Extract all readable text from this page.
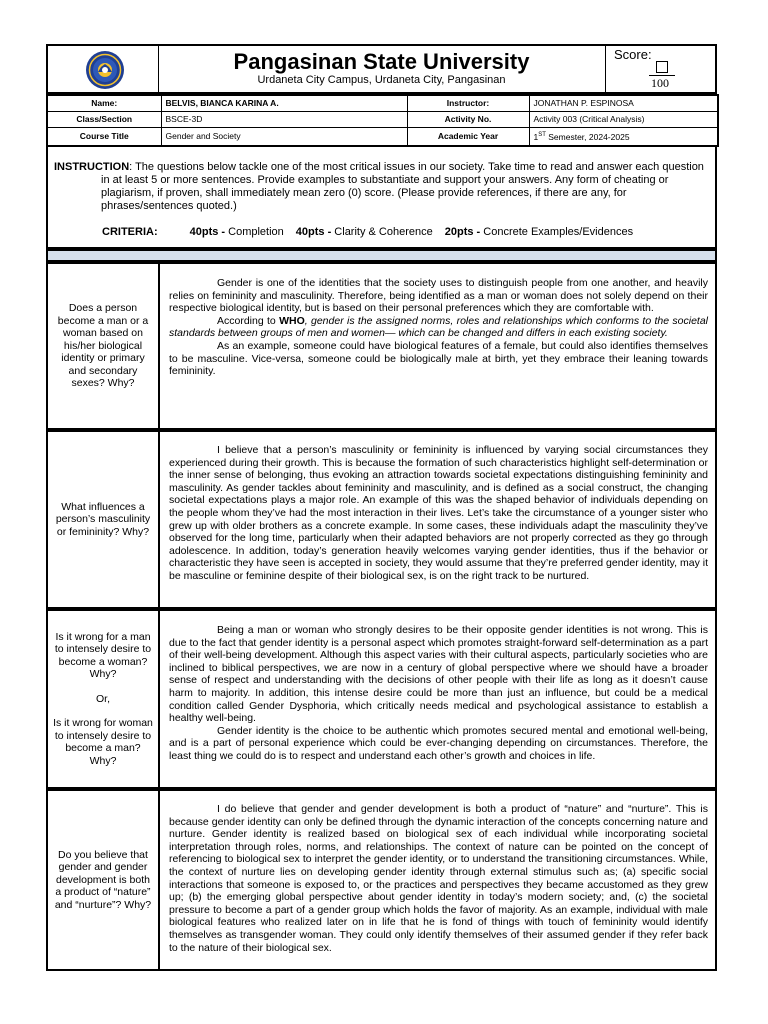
Pangasinan State University
Urdaneta City Campus, Urdaneta City, Pangasinan
Score:
100
Name:	BELVIS, BIANCA KARINA A.	Instructor:	JONATHAN P. ESPINOSA
Class/Section	BSCE-3D	Activity No.	Activity 003 (Critical Analysis)
Course Title	Gender and Society	Academic Year	1ST Semester, 2024-2025
INSTRUCTION: The questions below tackle one of the most critical issues in our society. Take time to read and answer each question in at least 5 or more sentences. Provide examples to substantiate and support your answers. Any form of cheating or plagiarism, if proven, shall immediately mean zero (0) score. (Please provide references, if there are any, for phrases/sentences quoted.)
CRITERIA:	40pts - Completion 40pts - Clarity & Coherence 20pts - Concrete Examples/Evidences
Does a person become a man or a woman based on his/her biological identity or primary and secondary sexes? Why?

Gender is one of the identities that the society uses to distinguish people from one another, and heavily relies on femininity and masculinity. Therefore, being identified as a man or woman does not solely depend on their respective biological identity, but is based on their personal preferences which they are comfortable with.

According to WHO, gender is the assigned norms, roles and relationships which conforms to the societal standards between groups of men and women— which can be changed and differs in each existing society.

As an example, someone could have biological features of a female, but could also identifies themselves to be masculine. Vice-versa, someone could be biologically male at birth, yet they embrace their leaning towards femininity.

What influences a person’s masculinity or femininity? Why?

I believe that a person’s masculinity or femininity is influenced by varying social circumstances they experienced during their growth. This is because the formation of such characteristics highlight self-determination or the inner sense of belonging, thus evoking an attraction towards societal expectations distinguishing femininity and masculinity. As gender tackles about femininity and masculinity, and is defined as a social construct, the changing societal expectations plays a major role. An example of this was the shaped behavior of individuals depending on the people whom they’ve had the most interaction in their lives. Let’s take the circumstance of a younger sister who grew up with older brothers as a concrete example. In some cases, these individuals adapt the masculinity they’ve observed for the long time, particularly when their adapted behaviors are not properly corrected as they go through adolescence. In addition, today’s generation heavily welcomes varying gender identities, thus if the behavior or characteristic they have seen is accepted in society, they would assume that they’re preferred gender identity, may it be masculine or feminine despite of their biological sex, is on the right track to be nurtured.

Is it wrong for a man to intensely desire to become a woman? Why?
Or,
Is it wrong for woman to intensely desire to become a man? Why?

Being a man or woman who strongly desires to be their opposite gender identities is not wrong. This is due to the fact that gender identity is a personal aspect which promotes straight-forward self-determination as a part of their well-being development. Although this aspect varies with their cultural aspects, particularly societies who are inclined to biblical perspectives, we are now in a century of global perspective where we should have a broader sense of respect and understanding with the decisions of other people with their life as long as it doesn’t cause harm to majority. In addition, this intense desire could be more than just an influence, but could be a medical condition called Gender Dysphoria, which critically needs medical and psychological assistance to establish a healthy well-being.

Gender identity is the choice to be authentic which promotes secured mental and emotional well-being, and is a part of personal experience which could be ever-changing depending on circumstances. Therefore, the least thing we could do is to respect and understand each other’s growth and choices in life.

Do you believe that gender and gender development is both a product of “nature” and “nurture”? Why?

I do believe that gender and gender development is both a product of “nature” and “nurture”. This is because gender identity can only be defined through the dynamic interaction of the concepts concerning nature and nurture. Gender identity is realized based on biological sex of each individual while incorporating societal interpretation through roles, norms, and relationships. The context of nature can be pointed on the concept of referencing to biological sex to interpret the gender identity, or to understand the transitioning circumstances. While, the context of nurture lies on developing gender identity through external stimulus such as; (a) specific social interactions that someone is exposed to, or the practices and perspectives they became accustomed as they grew up; (b) the emerging global perspective about gender identity in today’s modern society; and, (c) the societal pressure to become a part of a gender group which holds the favor of majority. As an example, individual with male biological features who realized later on in life that he is fond of things with touch of femininity would identify themselves as transgender woman. They could only identify themselves of their assumed gender if they refer back to the nature of their biological sex.
